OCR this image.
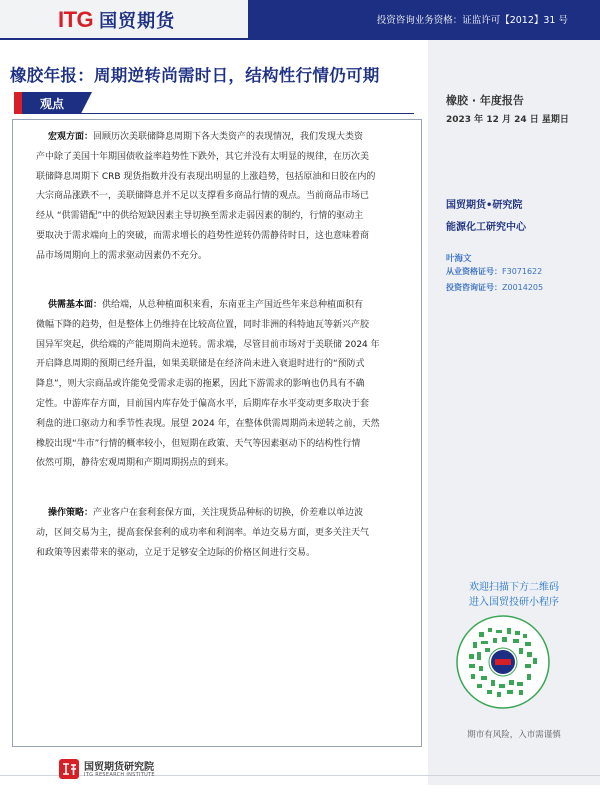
ITG 国贸期货	投资咨询业务资格：证监许可【2012】31 号
橡胶年报：周期逆转尚需时日，结构性行情仍可期
观点
宏观方面：回顾历次美联储降息周期下各大类资产的表现情况，我们发现大类资
产中除了美国十年期国债收益率趋势性下跌外，其它并没有太明显的规律，在历次美
联储降息周期下 CRB 现货指数并没有表现出明显的上涨趋势，包括原油和日胶在内的
大宗商品涨跌不一，美联储降息并不足以支撑看多商品行情的观点。当前商品市场已
经从 “供需错配”中的供给短缺因素主导切换至需求走弱因素的制约，行情的驱动主
要取决于需求端向上的突破，而需求增长的趋势性逆转仍需静待时日，这也意味着商
品市场周期向上的需求驱动因素仍不充分。
供需基本面：供给端，从总种植面积来看，东南亚主产国近些年来总种植面积有
微幅下降的趋势，但是整体上仍维持在比较高位置，同时非洲的科特迪瓦等新兴产胶
国异军突起，供给端的产能周期尚未逆转。需求端，尽管目前市场对于美联储 2024 年
开启降息周期的预期已经升温，如果美联储是在经济尚未进入衰退时进行的“预防式
降息”，则大宗商品或许能免受需求走弱的拖累，因此下游需求的影响也仍具有不确
定性。中游库存方面，目前国内库存处于偏高水平，后期库存水平变动更多取决于套
利盘的进口驱动力和季节性表现。展望 2024 年，在整体供需周期尚未逆转之前，天然
橡胶出现“牛市”行情的概率较小，但短期在政策、天气等因素驱动下的结构性行情
依然可期，静待宏观周期和产期周期拐点的到来。
操作策略：产业客户在套利套保方面，关注现货品种标的切换，价差难以单边波
动，区间交易为主，提高套保套利的成功率和利润率。单边交易方面，更多关注天气
和政策等因素带来的驱动，立足于足够安全边际的价格区间进行交易。
橡胶 · 年度报告
2023 年 12 月 24 日 星期日
国贸期货•研究院
能源化工研究中心
叶海文
从业资格证号：F3071622
投资咨询证号：Z0014205
欢迎扫描下方二维码
进入国贸投研小程序
期市有风险，入市需谨慎
国贸期货研究院
ITG RESEARCH INSTITUTE
